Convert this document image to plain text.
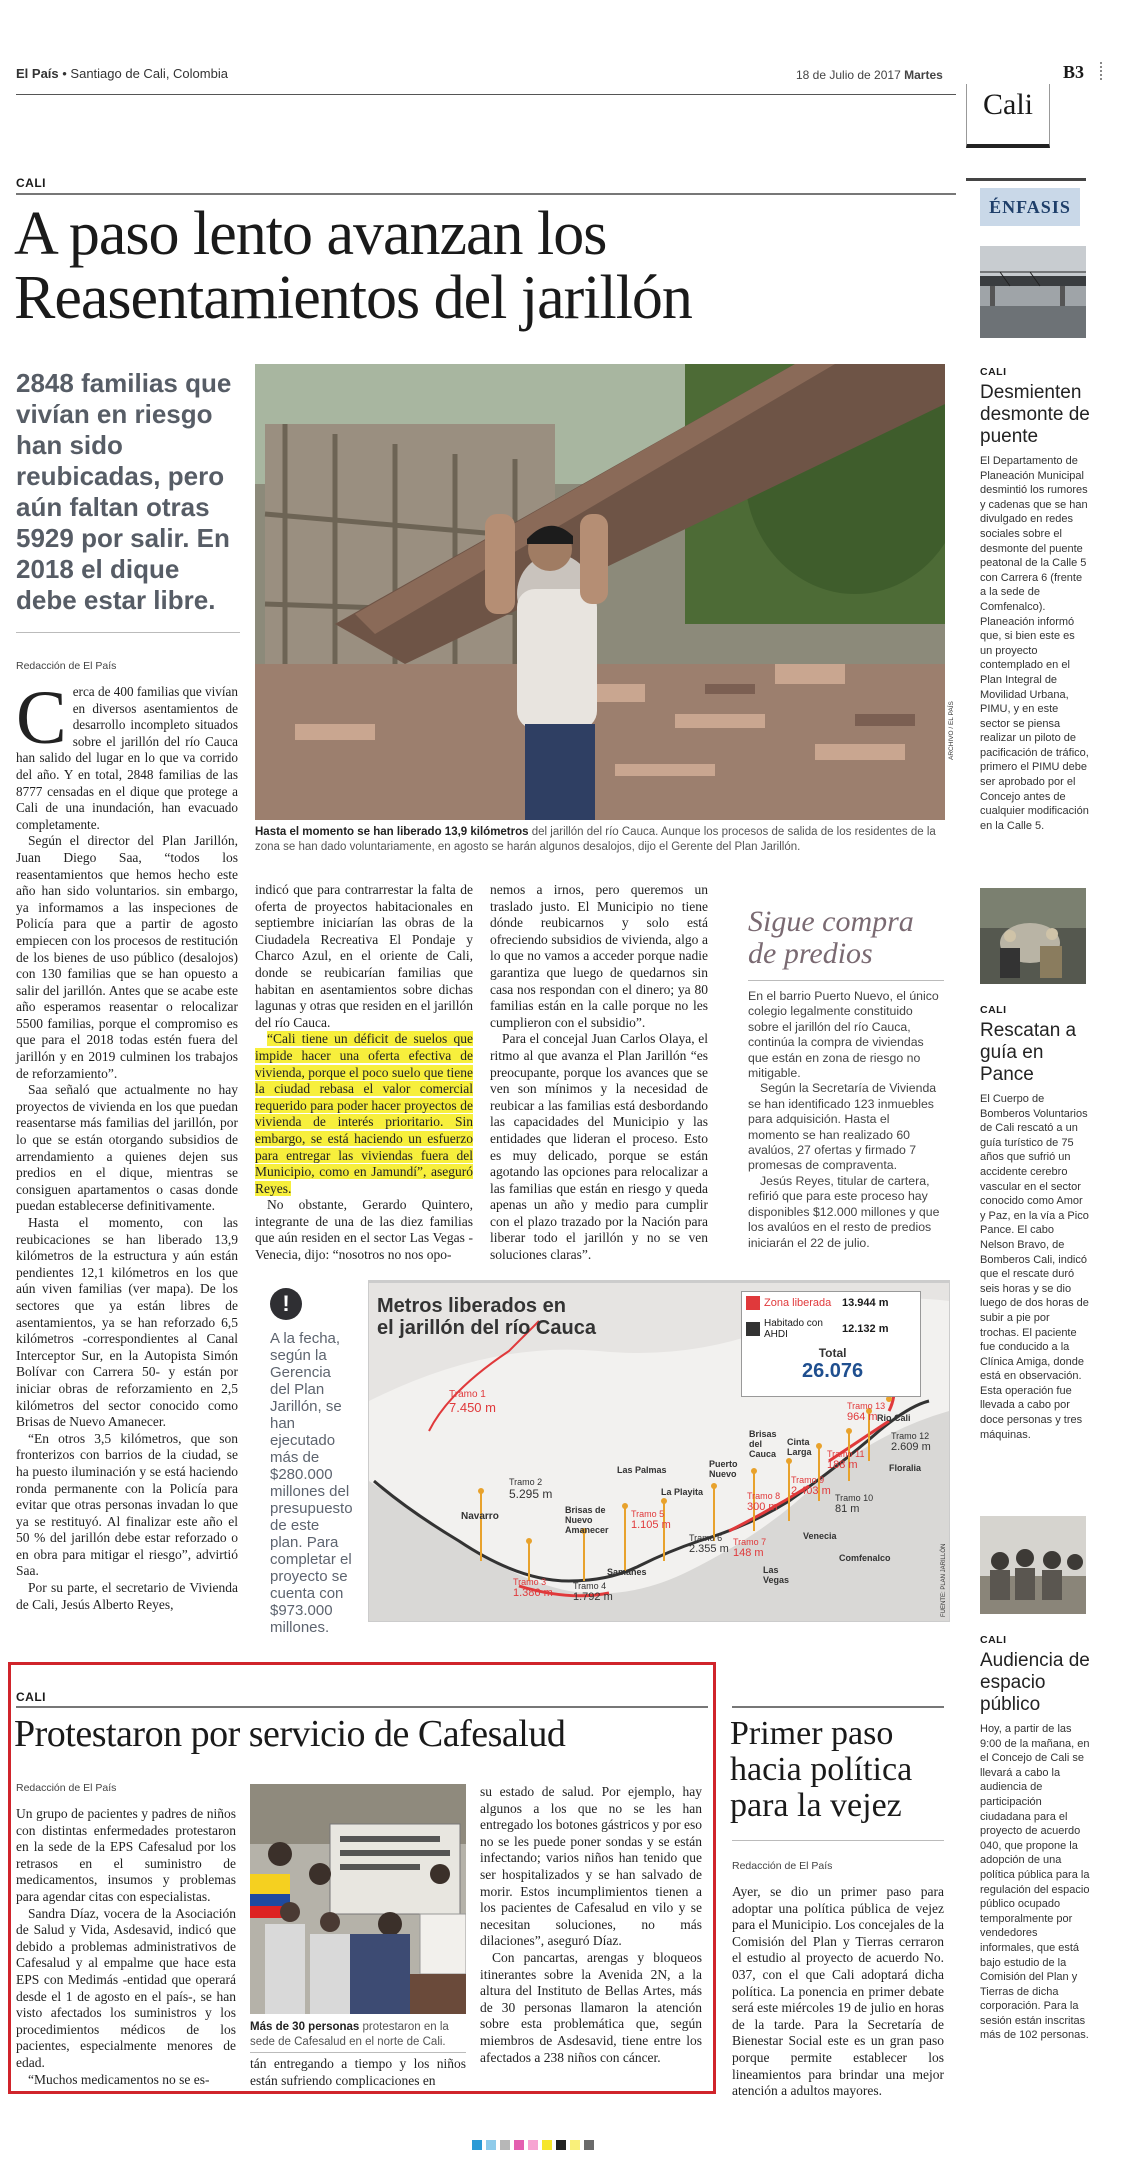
El País • Santiago de Cali, Colombia	18 de Julio de 2017 Martes	B3
Cali
CALI
A paso lento avanzan los
Reasentamientos del jarillón
2848 familias que vivían en riesgo han sido reubicadas, pero aún faltan otras 5929 por salir. En 2018 el dique debe estar libre.
Redacción de El País
ARCHIVO / EL PAÍS
Hasta el momento se han liberado 13,9 kilómetros del jarillón del río Cauca. Aunque los procesos de salida de los residentes de la zona se han dado voluntariamente, en agosto se harán algunos desalojos, dijo el Gerente del Plan Jarillón.
C erca de 400 familias que vivían en diversos asentamientos de desarrollo incompleto situados sobre el jarillón del río Cauca han salido del lugar en lo que va corrido del año. Y en total, 2848 familias de las 8777 censadas en el dique que protege a Cali de una inundación, han evacuado completamente.

Según el director del Plan Jarillón, Juan Diego Saa, “todos los reasentamientos que hemos hecho este año han sido voluntarios. sin embargo, ya informamos a las inspeciones de Policía para que a partir de agosto empiecen con los procesos de restitución de los bienes de uso público (desalojos) con 130 familias que se han opuesto a salir del jarillón. Antes que se acabe este año esperamos reasentar o relocalizar 5500 familias, porque el compromiso es que para el 2018 todas estén fuera del jarillón y en 2019 culminen los trabajos de reforzamiento”.

Saa señaló que actualmente no hay proyectos de vivienda en los que puedan reasentarse más familias del jarillón, por lo que se están otorgando subsidios de arrendamiento a quienes dejen sus predios en el dique, mientras se consiguen apartamentos o casas donde puedan establecerse definitivamente.

Hasta el momento, con las reubicaciones se han liberado 13,9 kilómetros de la estructura y aún están pendientes 12,1 kilómetros en los que aún viven familias (ver mapa). De los sectores que ya están libres de asentamientos, ya se han reforzado 6,5 kilómetros -correspondientes al Canal Interceptor Sur, en la Autopista Simón Bolívar con Carrera 50- y están por iniciar obras de reforzamiento en 2,5 kilómetros del sector conocido como Brisas de Nuevo Amanecer.

“En otros 3,5 kilómetros, que son fronterizos con barrios de la ciudad, se ha puesto iluminación y se está haciendo ronda permanente con la Policía para evitar que otras personas invadan lo que ya se restituyó. Al finalizar este año el 50 % del jarillón debe estar reforzado o en obra para mitigar el riesgo”, advirtió Saa.

Por su parte, el secretario de Vivienda de Cali, Jesús Alberto Reyes,

indicó que para contrarrestar la falta de oferta de proyectos habitacionales en septiembre iniciarían las obras de la Ciudadela Recreativa El Pondaje y Charco Azul, en el oriente de Cali, donde se reubicarían familias que habitan en asentamientos sobre dichas lagunas y otras que residen en el jarillón del río Cauca.

“Cali tiene un déficit de suelos que impide hacer una oferta efectiva de vivienda, porque el poco suelo que tiene la ciudad rebasa el valor comercial requerido para poder hacer proyectos de vivienda de interés prioritario. Sin embargo, se está haciendo un esfuerzo para entregar las viviendas fuera del Municipio, como en Jamundí”, aseguró Reyes.

No obstante, Gerardo Quintero, integrante de una de las diez familias que aún residen en el sector Las Vegas - Venecia, dijo: “nosotros no nos opo-

nemos a irnos, pero queremos un traslado justo. El Municipio no tiene dónde reubicarnos y solo está ofreciendo subsidios de vivienda, algo a lo que no vamos a acceder porque nadie garantiza que luego de quedarnos sin casa nos respondan con el dinero; ya 80 familias están en la calle porque no les cumplieron con el subsidio”.

Para el concejal Juan Carlos Olaya, el ritmo al que avanza el Plan Jarillón “es preocupante, porque los avances que se ven son mínimos y la necesidad de reubicar a las familias está desbordando las capacidades del Municipio y las entidades que lideran el proceso. Esto es muy delicado, porque se están agotando las opciones para relocalizar a las familias que están en riesgo y queda apenas un año y medio para cumplir con el plazo trazado por la Nación para liberar todo el jarillón y no se ven soluciones claras”.

Sigue compra
de predios
En el barrio Puerto Nuevo, el único colegio legalmente constituido sobre el jarillón del río Cauca, continúa la compra de viviendas que están en zona de riesgo no mitigable.
Según la Secretaría de Vivienda se han identificado 123 inmuebles para adquisición. Hasta el momento se han realizado 60 avalúos, 27 ofertas y firmado 7 promesas de compraventa.
Jesús Reyes, titular de cartera, refirió que para este proceso hay disponibles $12.000 millones y que los avalúos en el resto de predios iniciarán el 22 de julio.
!
A la fecha, según la Gerencia del Plan Jarillón, se han ejecutado más de $280.000 millones del presupuesto de este plan. Para completar el proyecto se cuenta con $973.000 millones.
Metros liberados en
el jarillón del río Cauca
Zona liberada 13.944 m
Habitado con AHDI	12.132 m
Total
26.076
Tramo 1
7.450 m
Tramo 2
5.295 m
Tramo 3
1.386 m
Tramo 4
1.792 m
Tramo 5
1.105 m
Tramo 6
2.355 m
Tramo 7
148 m
Tramo 8
300 m
Tramo 9
2.403 m
Tramo 10
81 m
Tramo 11
188 m
Tramo 12
2.609 m
Tramo 13
964 m
Navarro
Brisas de Nuevo Amanecer
Las Palmas
La Playita
Puerto Nuevo
Brisas del Cauca
Cinta Larga
Floralia
Rio Cali
Venecia
Las Vegas
Comfenalco
Samanes	FUENTE: PLAN JARILLÓN
ÉNFASIS
CALI
Desmienten desmonte de puente
El Departamento de Planeación Municipal desmintió los rumores y cadenas que se han divulgado en redes sociales sobre el desmonte del puente peatonal de la Calle 5 con Carrera 6 (frente a la sede de Comfenalco). Planeación informó que, si bien este es un proyecto contemplado en el Plan Integral de Movilidad Urbana, PIMU, y en este sector se piensa realizar un piloto de pacificación de tráfico, primero el PIMU debe ser aprobado por el Concejo antes de cualquier modificación en la Calle 5.
CALI
Rescatan a guía en Pance
El Cuerpo de Bomberos Voluntarios de Cali rescató a un guía turístico de 75 años que sufrió un accidente cerebro vascular en el sector conocido como Amor y Paz, en la vía a Pico Pance. El cabo Nelson Bravo, de Bomberos Cali, indicó que el rescate duró seis horas y se dio luego de dos horas de subir a pie por trochas. El paciente fue conducido a la Clínica Amiga, donde está en observación. Esta operación fue llevada a cabo por doce personas y tres máquinas.
CALI
Audiencia de espacio público
Hoy, a partir de las 9:00 de la mañana, en el Concejo de Cali se llevará a cabo la audiencia de participación ciudadana para el proyecto de acuerdo 040, que propone la adopción de una política pública para la regulación del espacio público ocupado temporalmente por vendedores informales, que está bajo estudio de la Comisión del Plan y Tierras de dicha corporación. Para la sesión están inscritas más de 102 personas.
CALI
Protestaron por servicio de Cafesalud
Redacción de El País

Un grupo de pacientes y padres de niños con distintas enfermedades protestaron en la sede de la EPS Cafesalud por los retrasos en el suministro de medicamentos, insumos y problemas para agendar citas con especialistas.

Sandra Díaz, vocera de la Asociación de Salud y Vida, Asdesavid, indicó que debido a problemas administrativos de Cafesalud y al empalme que hace esta EPS con Medimás -entidad que operará desde el 1 de agosto en el país-, se han visto afectados los suministros y los procedimientos médicos de los pacientes, especialmente menores de edad.

“Muchos medicamentos no se es-

Más de 30 personas protestaron en la sede de Cafesalud en el norte de Cali.

tán entregando a tiempo y los niños están sufriendo complicaciones en

su estado de salud. Por ejemplo, hay algunos a los que no se les han entregado los botones gástricos y por eso no se les puede poner sondas y se están infectando; varios niños han tenido que ser hospitalizados y se han salvado de morir. Estos incumplimientos tienen a los pacientes de Cafesalud en vilo y se necesitan soluciones, no más dilaciones”, aseguró Díaz.

Con pancartas, arengas y bloqueos itinerantes sobre la Avenida 2N, a la altura del Instituto de Bellas Artes, más de 30 personas llamaron la atención sobre esta problemática que, según miembros de Asdesavid, tiene entre los afectados a 238 niños con cáncer.

Primer paso
hacia política
para la vejez
Redacción de El País

Ayer, se dio un primer paso para adoptar una política pública de vejez para el Municipio. Los concejales de la Comisión del Plan y Tierras cerraron el estudio al proyecto de acuerdo No. 037, con el que Cali adoptará dicha política. La ponencia en primer debate será este miércoles 19 de julio en horas de la tarde. Para la Secretaría de Bienestar Social este es un gran paso porque permite establecer los lineamientos para brindar una mejor atención a adultos mayores.
